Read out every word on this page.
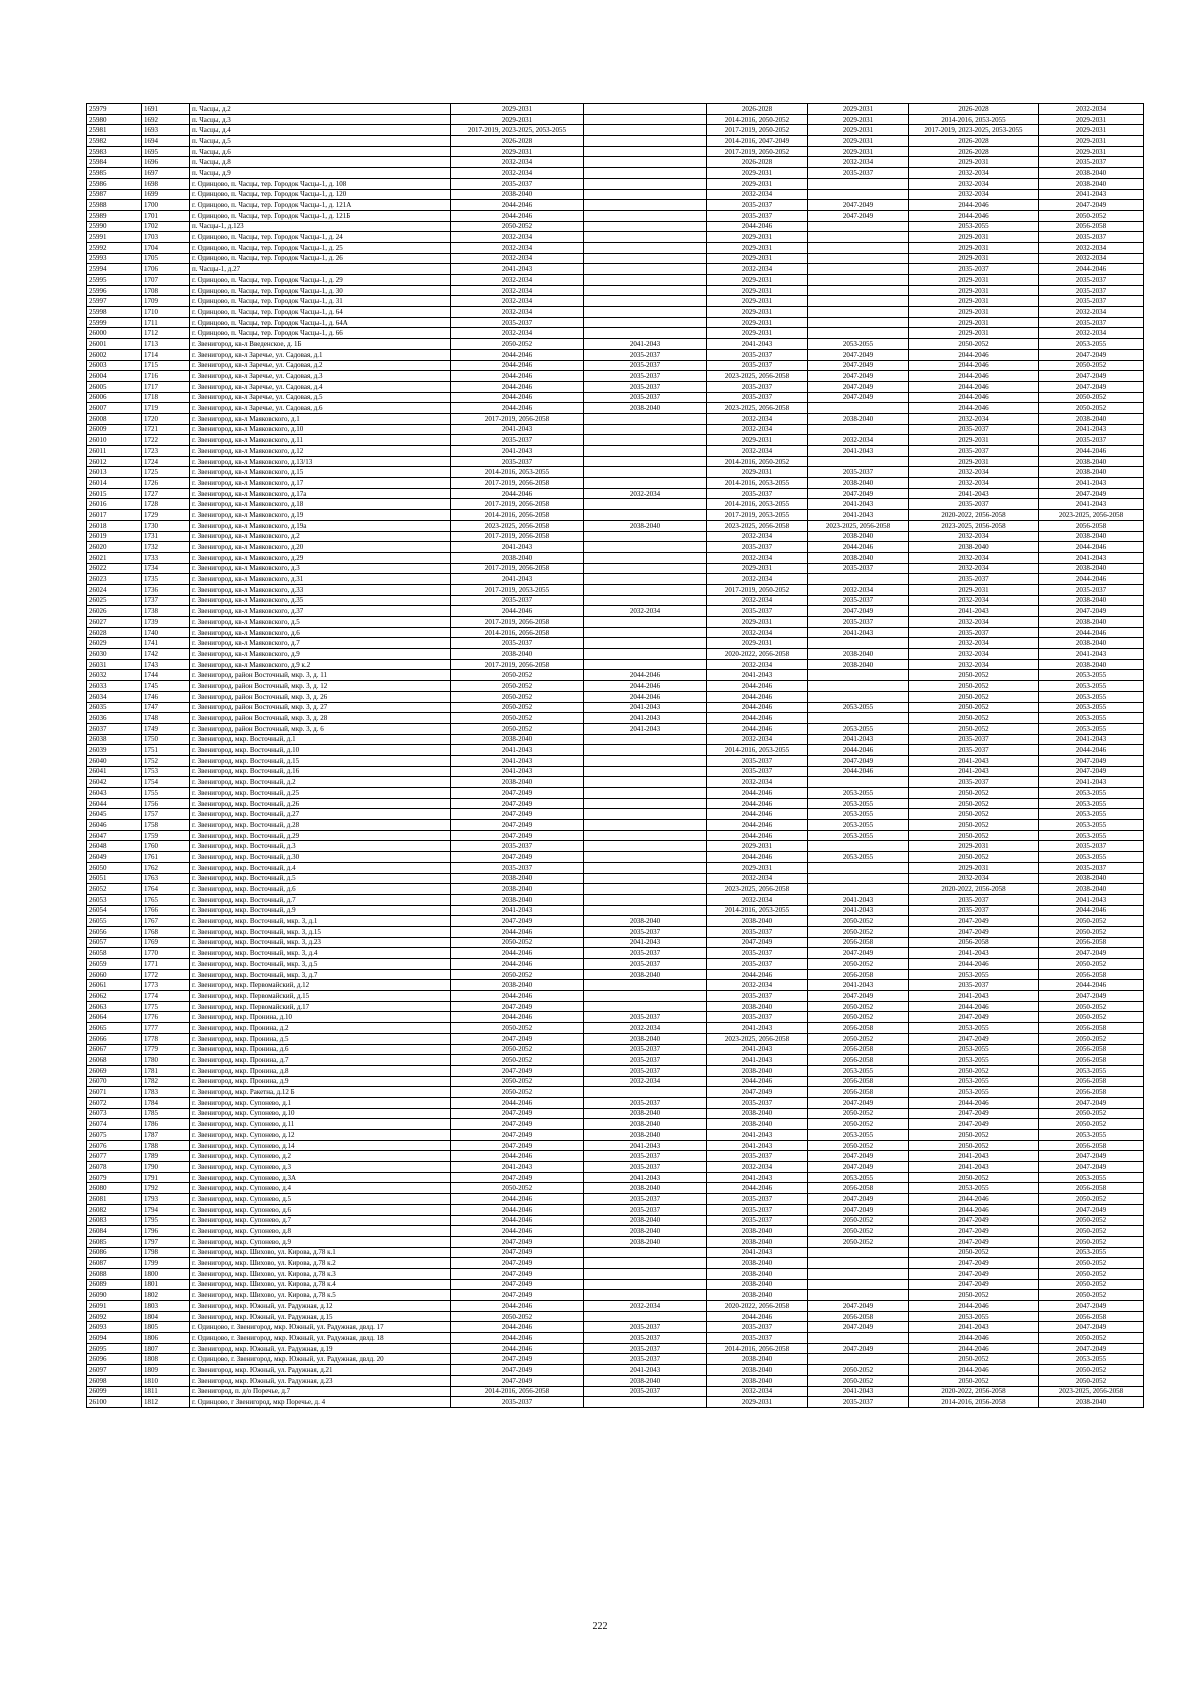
25979	1691	п. Часцы, д.2	2029-2031		2026-2028	2029-2031	2026-2028	2032-2034
25980	1692	п. Часцы, д.3	2029-2031		2014-2016, 2050-2052	2029-2031	2014-2016, 2053-2055	2029-2031
25981	1693	п. Часцы, д.4	2017-2019, 2023-2025, 2053-2055		2017-2019, 2050-2052	2029-2031	2017-2019, 2023-2025, 2053-2055	2029-2031
25982	1694	п. Часцы, д.5	2026-2028		2014-2016, 2047-2049	2029-2031	2026-2028	2029-2031
25983	1695	п. Часцы, д.6	2029-2031		2017-2019, 2050-2052	2029-2031	2026-2028	2029-2031
25984	1696	п. Часцы, д.8	2032-2034		2026-2028	2032-2034	2029-2031	2035-2037
25985	1697	п. Часцы, д.9	2032-2034		2029-2031	2035-2037	2032-2034	2038-2040
25986	1698	г. Одинцово, п. Часцы, тер. Городок Часцы-1, д. 108	2035-2037		2029-2031		2032-2034	2038-2040
25987	1699	г. Одинцово, п. Часцы, тер. Городок Часцы-1, д. 120	2038-2040		2032-2034		2032-2034	2041-2043
25988	1700	г. Одинцово, п. Часцы, тер. Городок Часцы-1, д. 121А	2044-2046		2035-2037	2047-2049	2044-2046	2047-2049
25989	1701	г. Одинцово, п. Часцы, тер. Городок Часцы-1, д. 121Б	2044-2046		2035-2037	2047-2049	2044-2046	2050-2052
25990	1702	п. Часцы-1, д.123	2050-2052		2044-2046		2053-2055	2056-2058
25991	1703	г. Одинцово, п. Часцы, тер. Городок Часцы-1, д. 24	2032-2034		2029-2031		2029-2031	2035-2037
25992	1704	г. Одинцово, п. Часцы, тер. Городок Часцы-1, д. 25	2032-2034		2029-2031		2029-2031	2032-2034
25993	1705	г. Одинцово, п. Часцы, тер. Городок Часцы-1, д. 26	2032-2034		2029-2031		2029-2031	2032-2034
25994	1706	п. Часцы-1, д.27	2041-2043		2032-2034		2035-2037	2044-2046
25995	1707	г. Одинцово, п. Часцы, тер. Городок Часцы-1, д. 29	2032-2034		2029-2031		2029-2031	2035-2037
25996	1708	г. Одинцово, п. Часцы, тер. Городок Часцы-1, д. 30	2032-2034		2029-2031		2029-2031	2035-2037
25997	1709	г. Одинцово, п. Часцы, тер. Городок Часцы-1, д. 31	2032-2034		2029-2031		2029-2031	2035-2037
25998	1710	г. Одинцово, п. Часцы, тер. Городок Часцы-1, д. 64	2032-2034		2029-2031		2029-2031	2032-2034
25999	1711	г. Одинцово, п. Часцы, тер. Городок Часцы-1, д. 64А	2035-2037		2029-2031		2029-2031	2035-2037
26000	1712	г. Одинцово, п. Часцы, тер. Городок Часцы-1, д. 66	2032-2034		2029-2031		2029-2031	2032-2034
26001	1713	г. Звенигород, кв-л Введенское, д. 1Б	2050-2052	2041-2043	2041-2043	2053-2055	2050-2052	2053-2055
26002	1714	г. Звенигород, кв-л Заречье, ул. Садовая, д.1	2044-2046	2035-2037	2035-2037	2047-2049	2044-2046	2047-2049
26003	1715	г. Звенигород, кв-л Заречье, ул. Садовая, д.2	2044-2046	2035-2037	2035-2037	2047-2049	2044-2046	2050-2052
26004	1716	г. Звенигород, кв-л Заречье, ул. Садовая, д.3	2044-2046	2035-2037	2023-2025, 2056-2058	2047-2049	2044-2046	2047-2049
26005	1717	г. Звенигород, кв-л Заречье, ул. Садовая, д.4	2044-2046	2035-2037	2035-2037	2047-2049	2044-2046	2047-2049
26006	1718	г. Звенигород, кв-л Заречье, ул. Садовая, д.5	2044-2046	2035-2037	2035-2037	2047-2049	2044-2046	2050-2052
26007	1719	г. Звенигород, кв-л Заречье, ул. Садовая, д.6	2044-2046	2038-2040	2023-2025, 2056-2058		2044-2046	2050-2052
26008	1720	г. Звенигород, кв-л Маяковского, д.1	2017-2019, 2056-2058		2032-2034	2038-2040	2032-2034	2038-2040
26009	1721	г. Звенигород, кв-л Маяковского, д.10	2041-2043		2032-2034		2035-2037	2041-2043
26010	1722	г. Звенигород, кв-л Маяковского, д.11	2035-2037		2029-2031	2032-2034	2029-2031	2035-2037
26011	1723	г. Звенигород, кв-л Маяковского, д.12	2041-2043		2032-2034	2041-2043	2035-2037	2044-2046
26012	1724	г. Звенигород, кв-л Маяковского, д.13/13	2035-2037		2014-2016, 2050-2052		2029-2031	2038-2040
26013	1725	г. Звенигород, кв-л Маяковского, д.15	2014-2016, 2053-2055		2029-2031	2035-2037	2032-2034	2038-2040
26014	1726	г. Звенигород, кв-л Маяковского, д.17	2017-2019, 2056-2058		2014-2016, 2053-2055	2038-2040	2032-2034	2041-2043
26015	1727	г. Звенигород, кв-л Маяковского, д.17а	2044-2046	2032-2034	2035-2037	2047-2049	2041-2043	2047-2049
26016	1728	г. Звенигород, кв-л Маяковского, д.18	2017-2019, 2056-2058		2014-2016, 2053-2055	2041-2043	2035-2037	2041-2043
26017	1729	г. Звенигород, кв-л Маяковского, д.19	2014-2016, 2056-2058		2017-2019, 2053-2055	2041-2043	2020-2022, 2056-2058	2023-2025, 2056-2058
26018	1730	г. Звенигород, кв-л Маяковского, д.19а	2023-2025, 2056-2058	2038-2040	2023-2025, 2056-2058	2023-2025, 2056-2058	2023-2025, 2056-2058	2056-2058
26019	1731	г. Звенигород, кв-л Маяковского, д.2	2017-2019, 2056-2058		2032-2034	2038-2040	2032-2034	2038-2040
26020	1732	г. Звенигород, кв-л Маяковского, д.20	2041-2043		2035-2037	2044-2046	2038-2040	2044-2046
26021	1733	г. Звенигород, кв-л Маяковского, д.29	2038-2040		2032-2034	2038-2040	2032-2034	2041-2043
26022	1734	г. Звенигород, кв-л Маяковского, д.3	2017-2019, 2056-2058		2029-2031	2035-2037	2032-2034	2038-2040
26023	1735	г. Звенигород, кв-л Маяковского, д.31	2041-2043		2032-2034		2035-2037	2044-2046
26024	1736	г. Звенигород, кв-л Маяковского, д.33	2017-2019, 2053-2055		2017-2019, 2050-2052	2032-2034	2029-2031	2035-2037
26025	1737	г. Звенигород, кв-л Маяковского, д.35	2035-2037		2032-2034	2035-2037	2032-2034	2038-2040
26026	1738	г. Звенигород, кв-л Маяковского, д.37	2044-2046	2032-2034	2035-2037	2047-2049	2041-2043	2047-2049
26027	1739	г. Звенигород, кв-л Маяковского, д.5	2017-2019, 2056-2058		2029-2031	2035-2037	2032-2034	2038-2040
26028	1740	г. Звенигород, кв-л Маяковского, д.6	2014-2016, 2056-2058		2032-2034	2041-2043	2035-2037	2044-2046
26029	1741	г. Звенигород, кв-л Маяковского, д.7	2035-2037		2029-2031		2032-2034	2038-2040
26030	1742	г. Звенигород, кв-л Маяковского, д.9	2038-2040		2020-2022, 2056-2058	2038-2040	2032-2034	2041-2043
26031	1743	г. Звенигород, кв-л Маяковского, д.9 к.2	2017-2019, 2056-2058		2032-2034	2038-2040	2032-2034	2038-2040
26032	1744	г. Звенигород, район Восточный, мкр. 3, д. 11	2050-2052	2044-2046	2041-2043		2050-2052	2053-2055
26033	1745	г. Звенигород, район Восточный, мкр. 3, д. 12	2050-2052	2044-2046	2044-2046		2050-2052	2053-2055
26034	1746	г. Звенигород, район Восточный, мкр. 3, д. 26	2050-2052	2044-2046	2044-2046		2050-2052	2053-2055
26035	1747	г. Звенигород, район Восточный, мкр. 3, д. 27	2050-2052	2041-2043	2044-2046	2053-2055	2050-2052	2053-2055
26036	1748	г. Звенигород, район Восточный, мкр. 3, д. 28	2050-2052	2041-2043	2044-2046		2050-2052	2053-2055
26037	1749	г. Звенигород, район Восточный, мкр. 3, д. 6	2050-2052	2041-2043	2044-2046	2053-2055	2050-2052	2053-2055
26038	1750	г. Звенигород, мкр. Восточный, д.1	2038-2040		2032-2034	2041-2043	2035-2037	2041-2043
26039	1751	г. Звенигород, мкр. Восточный, д.10	2041-2043		2014-2016, 2053-2055	2044-2046	2035-2037	2044-2046
26040	1752	г. Звенигород, мкр. Восточный, д.15	2041-2043		2035-2037	2047-2049	2041-2043	2047-2049
26041	1753	г. Звенигород, мкр. Восточный, д.16	2041-2043		2035-2037	2044-2046	2041-2043	2047-2049
26042	1754	г. Звенигород, мкр. Восточный, д.2	2038-2040		2032-2034		2035-2037	2041-2043
26043	1755	г. Звенигород, мкр. Восточный, д.25	2047-2049		2044-2046	2053-2055	2050-2052	2053-2055
26044	1756	г. Звенигород, мкр. Восточный, д.26	2047-2049		2044-2046	2053-2055	2050-2052	2053-2055
26045	1757	г. Звенигород, мкр. Восточный, д.27	2047-2049		2044-2046	2053-2055	2050-2052	2053-2055
26046	1758	г. Звенигород, мкр. Восточный, д.28	2047-2049		2044-2046	2053-2055	2050-2052	2053-2055
26047	1759	г. Звенигород, мкр. Восточный, д.29	2047-2049		2044-2046	2053-2055	2050-2052	2053-2055
26048	1760	г. Звенигород, мкр. Восточный, д.3	2035-2037		2029-2031		2029-2031	2035-2037
26049	1761	г. Звенигород, мкр. Восточный, д.30	2047-2049		2044-2046	2053-2055	2050-2052	2053-2055
26050	1762	г. Звенигород, мкр. Восточный, д.4	2035-2037		2029-2031		2029-2031	2035-2037
26051	1763	г. Звенигород, мкр. Восточный, д.5	2038-2040		2032-2034		2032-2034	2038-2040
26052	1764	г. Звенигород, мкр. Восточный, д.6	2038-2040		2023-2025, 2056-2058		2020-2022, 2056-2058	2038-2040
26053	1765	г. Звенигород, мкр. Восточный, д.7	2038-2040		2032-2034	2041-2043	2035-2037	2041-2043
26054	1766	г. Звенигород, мкр. Восточный, д.9	2041-2043		2014-2016, 2053-2055	2041-2043	2035-2037	2044-2046
26055	1767	г. Звенигород, мкр. Восточный, мкр. 3, д.1	2047-2049	2038-2040	2038-2040	2050-2052	2047-2049	2050-2052
26056	1768	г. Звенигород, мкр. Восточный, мкр. 3, д.15	2044-2046	2035-2037	2035-2037	2050-2052	2047-2049	2050-2052
26057	1769	г. Звенигород, мкр. Восточный, мкр. 3, д.23	2050-2052	2041-2043	2047-2049	2056-2058	2056-2058	2056-2058
26058	1770	г. Звенигород, мкр. Восточный, мкр. 3, д.4	2044-2046	2035-2037	2035-2037	2047-2049	2041-2043	2047-2049
26059	1771	г. Звенигород, мкр. Восточный, мкр. 3, д.5	2044-2046	2035-2037	2035-2037	2050-2052	2044-2046	2050-2052
26060	1772	г. Звенигород, мкр. Восточный, мкр. 3, д.7	2050-2052	2038-2040	2044-2046	2056-2058	2053-2055	2056-2058
26061	1773	г. Звенигород, мкр. Первомайский, д.12	2038-2040		2032-2034	2041-2043	2035-2037	2044-2046
26062	1774	г. Звенигород, мкр. Первомайский, д.15	2044-2046		2035-2037	2047-2049	2041-2043	2047-2049
26063	1775	г. Звенигород, мкр. Первомайский, д.17	2047-2049		2038-2040	2050-2052	2044-2046	2050-2052
26064	1776	г. Звенигород, мкр. Пронина, д.10	2044-2046	2035-2037	2035-2037	2050-2052	2047-2049	2050-2052
26065	1777	г. Звенигород, мкр. Пронина, д.2	2050-2052	2032-2034	2041-2043	2056-2058	2053-2055	2056-2058
26066	1778	г. Звенигород, мкр. Пронина, д.5	2047-2049	2038-2040	2023-2025, 2056-2058	2050-2052	2047-2049	2050-2052
26067	1779	г. Звенигород, мкр. Пронина, д.6	2050-2052	2035-2037	2041-2043	2056-2058	2053-2055	2056-2058
26068	1780	г. Звенигород, мкр. Пронина, д.7	2050-2052	2035-2037	2041-2043	2056-2058	2053-2055	2056-2058
26069	1781	г. Звенигород, мкр. Пронина, д.8	2047-2049	2035-2037	2038-2040	2053-2055	2050-2052	2053-2055
26070	1782	г. Звенигород, мкр. Пронина, д.9	2050-2052	2032-2034	2044-2046	2056-2058	2053-2055	2056-2058
26071	1783	г. Звенигород, мкр. Ракетна, д.12 Б	2050-2052		2047-2049	2056-2058	2053-2055	2056-2058
26072	1784	г. Звенигород, мкр. Супонево, д.1	2044-2046	2035-2037	2035-2037	2047-2049	2044-2046	2047-2049
26073	1785	г. Звенигород, мкр. Супонево, д.10	2047-2049	2038-2040	2038-2040	2050-2052	2047-2049	2050-2052
26074	1786	г. Звенигород, мкр. Супонево, д.11	2047-2049	2038-2040	2038-2040	2050-2052	2047-2049	2050-2052
26075	1787	г. Звенигород, мкр. Супонево, д.12	2047-2049	2038-2040	2041-2043	2053-2055	2050-2052	2053-2055
26076	1788	г. Звенигород, мкр. Супонево, д.14	2047-2049	2041-2043	2041-2043	2050-2052	2050-2052	2056-2058
26077	1789	г. Звенигород, мкр. Супонево, д.2	2044-2046	2035-2037	2035-2037	2047-2049	2041-2043	2047-2049
26078	1790	г. Звенигород, мкр. Супонево, д.3	2041-2043	2035-2037	2032-2034	2047-2049	2041-2043	2047-2049
26079	1791	г. Звенигород, мкр. Супонево, д.3А	2047-2049	2041-2043	2041-2043	2053-2055	2050-2052	2053-2055
26080	1792	г. Звенигород, мкр. Супонево, д.4	2050-2052	2038-2040	2044-2046	2056-2058	2053-2055	2056-2058
26081	1793	г. Звенигород, мкр. Супонево, д.5	2044-2046	2035-2037	2035-2037	2047-2049	2044-2046	2050-2052
26082	1794	г. Звенигород, мкр. Супонево, д.6	2044-2046	2035-2037	2035-2037	2047-2049	2044-2046	2047-2049
26083	1795	г. Звенигород, мкр. Супонево, д.7	2044-2046	2038-2040	2035-2037	2050-2052	2047-2049	2050-2052
26084	1796	г. Звенигород, мкр. Супонево, д.8	2044-2046	2038-2040	2038-2040	2050-2052	2047-2049	2050-2052
26085	1797	г. Звенигород, мкр. Супонево, д.9	2047-2049	2038-2040	2038-2040	2050-2052	2047-2049	2050-2052
26086	1798	г. Звенигород, мкр. Шихово, ул. Кирова, д.78 к.1	2047-2049		2041-2043		2050-2052	2053-2055
26087	1799	г. Звенигород, мкр. Шихово, ул. Кирова, д.78 к.2	2047-2049		2038-2040		2047-2049	2050-2052
26088	1800	г. Звенигород, мкр. Шихово, ул. Кирова, д.78 к.3	2047-2049		2038-2040		2047-2049	2050-2052
26089	1801	г. Звенигород, мкр. Шихово, ул. Кирова, д.78 к.4	2047-2049		2038-2040		2047-2049	2050-2052
26090	1802	г. Звенигород, мкр. Шихово, ул. Кирова, д.78 к.5	2047-2049		2038-2040		2050-2052	2050-2052
26091	1803	г. Звенигород, мкр. Южный, ул. Радужная, д.12	2044-2046	2032-2034	2020-2022, 2056-2058	2047-2049	2044-2046	2047-2049
26092	1804	г. Звенигород, мкр. Южный, ул. Радужная, д.15	2050-2052		2044-2046	2056-2058	2053-2055	2056-2058
26093	1805	г. Одинцово, г. Звенигород, мкр. Южный, ул. Радужная, двлд. 17	2044-2046	2035-2037	2035-2037	2047-2049	2041-2043	2047-2049
26094	1806	г. Одинцово, г. Звенигород, мкр. Южный, ул. Радужная, двлд. 18	2044-2046	2035-2037	2035-2037		2044-2046	2050-2052
26095	1807	г. Звенигород, мкр. Южный, ул. Радужная, д.19	2044-2046	2035-2037	2014-2016, 2056-2058	2047-2049	2044-2046	2047-2049
26096	1808	г. Одинцово, г. Звенигород, мкр. Южный, ул. Радужная, двлд. 20	2047-2049	2035-2037	2038-2040		2050-2052	2053-2055
26097	1809	г. Звенигород, мкр. Южный, ул. Радужная, д.21	2047-2049	2041-2043	2038-2040	2050-2052	2044-2046	2050-2052
26098	1810	г. Звенигород, мкр. Южный, ул. Радужная, д.23	2047-2049	2038-2040	2038-2040	2050-2052	2050-2052	2050-2052
26099	1811	г. Звенигород, п. д/о Поречье, д.7	2014-2016, 2056-2058	2035-2037	2032-2034	2041-2043	2020-2022, 2056-2058	2023-2025, 2056-2058
26100	1812	г. Одинцово, г Звенигород, мкр Поречье, д. 4	2035-2037		2029-2031	2035-2037	2014-2016, 2056-2058	2038-2040
222
